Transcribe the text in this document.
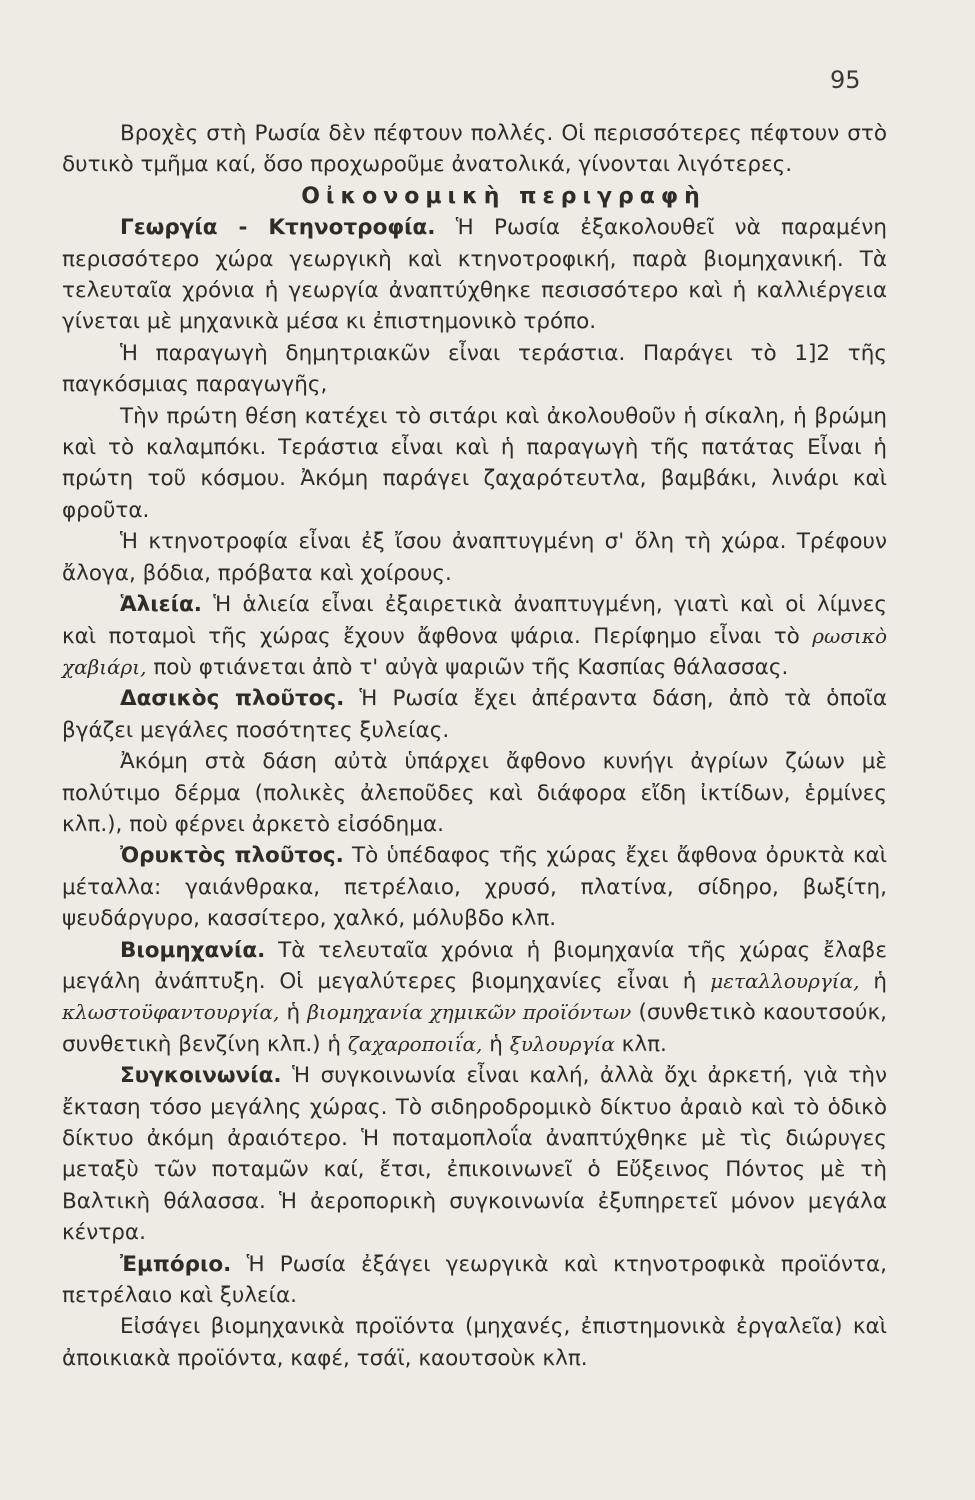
95

Βροχὲς στὴ Ρωσία δὲν πέφτουν πολλές. Οἱ περισσότερες πέφτουν στὸ δυτικὸ τμῆμα καί, ὅσο προχωροῦμε ἀνατολικά, γίνονται λιγότερες.

Οἰκονομικὴ περιγραφὴ

Γεωργία - Κτηνοτροφία. Ἡ Ρωσία ἐξακολουθεῖ νὰ παραμένη περισσότερο χώρα γεωργικὴ καὶ κτηνοτροφική, παρὰ βιομηχανική. Τὰ τελευταῖα χρόνια ἡ γεωργία ἀναπτύχθηκε πεσισσότερο καὶ ἡ καλλιέργεια γίνεται μὲ μηχανικὰ μέσα κι ἐπιστημονικὸ τρόπο.

Ἡ παραγωγὴ δημητριακῶν εἶναι τεράστια. Παράγει τὸ 1]2 τῆς παγκόσμιας παραγωγῆς,

Τὴν πρώτη θέση κατέχει τὸ σιτάρι καὶ ἀκολουθοῦν ἡ σίκαλη, ἡ βρώμη καὶ τὸ καλαμπόκι. Τεράστια εἶναι καὶ ἡ παραγωγὴ τῆς πατάτας Εἶναι ἡ πρώτη τοῦ κόσμου. Ἀκόμη παράγει ζαχαρότευτλα, βαμβάκι, λινάρι καὶ φροῦτα.

Ἡ κτηνοτροφία εἶναι ἐξ ἴσου ἀναπτυγμένη σ' ὅλη τὴ χώρα. Τρέφουν ἄλογα, βόδια, πρόβατα καὶ χοίρους.

Ἁλιεία. Ἡ ἁλιεία εἶναι ἐξαιρετικὰ ἀναπτυγμένη, γιατὶ καὶ οἱ λίμνες καὶ ποταμοὶ τῆς χώρας ἔχουν ἄφθονα ψάρια. Περίφημο εἶναι τὸ ρωσικὸ χαβιάρι, ποὺ φτιάνεται ἀπὸ τ' αὐγὰ ψαριῶν τῆς Κασπίας θάλασσας.

Δασικὸς πλοῦτος. Ἡ Ρωσία ἔχει ἀπέραντα δάση, ἀπὸ τὰ ὁποῖα βγάζει μεγάλες ποσότητες ξυλείας.

Ἀκόμη στὰ δάση αὐτὰ ὑπάρχει ἄφθονο κυνήγι ἀγρίων ζώων μὲ πολύτιμο δέρμα (πολικὲς ἀλεποῦδες καὶ διάφορα εἴδη ἰκτίδων, ἑρμίνες κλπ.), ποὺ φέρνει ἀρκετὸ εἰσόδημα.

Ὀρυκτὸς πλοῦτος. Τὸ ὑπέδαφος τῆς χώρας ἔχει ἄφθονα ὀρυκτὰ καὶ μέταλλα: γαιάνθρακα, πετρέλαιο, χρυσό, πλατίνα, σίδηρο, βωξίτη, ψευδάργυρο, κασσίτερο, χαλκό, μόλυβδο κλπ.

Βιομηχανία. Τὰ τελευταῖα χρόνια ἡ βιομηχανία τῆς χώρας ἔλαβε μεγάλη ἀνάπτυξη. Οἱ μεγαλύτερες βιομηχανίες εἶναι ἡ μεταλλουργία, ἡ κλωστοϋφαντουργία, ἡ βιομηχανία χημικῶν προϊόντων (συνθετικὸ καουτσούκ, συνθετικὴ βενζίνη κλπ.) ἡ ζαχαροποιΐα, ἡ ξυλουργία κλπ.

Συγκοινωνία. Ἡ συγκοινωνία εἶναι καλή, ἀλλὰ ὄχι ἀρκετή, γιὰ τὴν ἔκταση τόσο μεγάλης χώρας. Τὸ σιδηροδρομικὸ δίκτυο ἀραιὸ καὶ τὸ ὁδικὸ δίκτυο ἀκόμη ἀραιότερο. Ἡ ποταμοπλοΐα ἀναπτύχθηκε μὲ τὶς διώρυγες μεταξὺ τῶν ποταμῶν καί, ἔτσι, ἐπικοινωνεῖ ὁ Εὔξεινος Πόντος μὲ τὴ Βαλτικὴ θάλασσα. Ἡ ἀεροπορικὴ συγκοινωνία ἐξυπηρετεῖ μόνον μεγάλα κέντρα.

Ἐμπόριο. Ἡ Ρωσία ἐξάγει γεωργικὰ καὶ κτηνοτροφικὰ προϊόντα, πετρέλαιο καὶ ξυλεία.

Εἰσάγει βιομηχανικὰ προϊόντα (μηχανές, ἐπιστημονικὰ ἐργαλεῖα) καὶ ἀποικιακὰ προϊόντα, καφέ, τσάϊ, καουτσοὺκ κλπ.
